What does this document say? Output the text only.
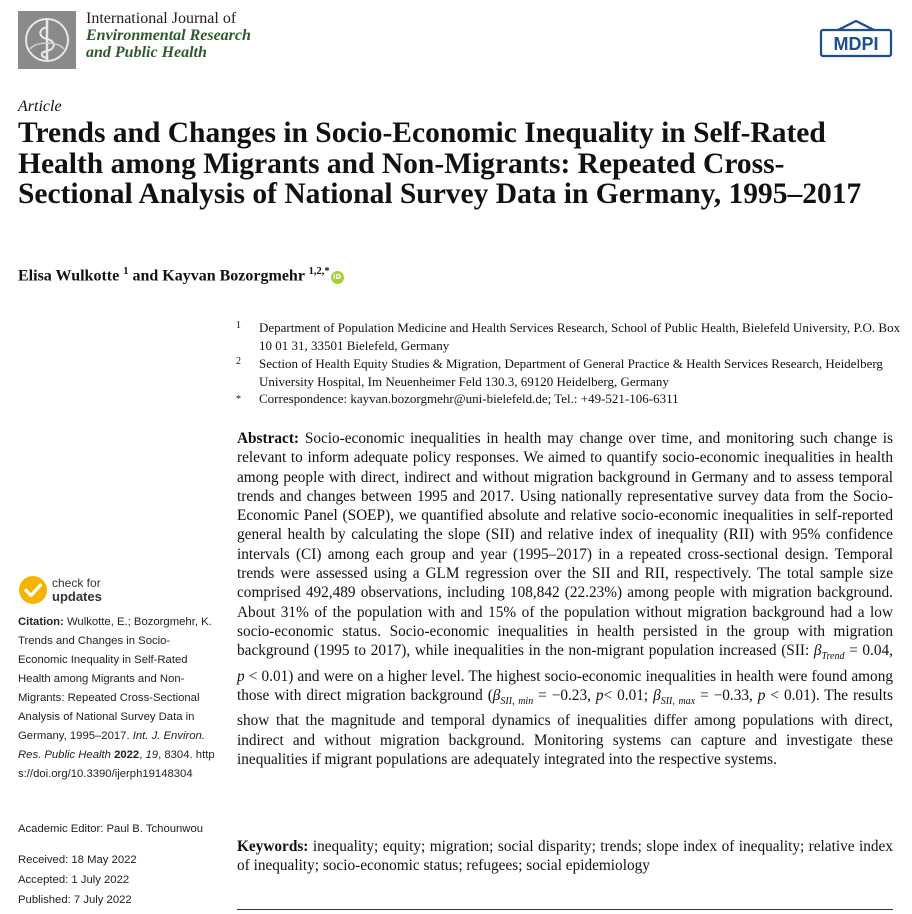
International Journal of
Environmental Research
and Public Health	MDPI
Article
Trends and Changes in Socio-Economic Inequality in Self-Rated Health among Migrants and Non-Migrants: Repeated Cross-Sectional Analysis of National Survey Data in Germany, 1995–2017
Elisa Wulkotte $^1$ and Kayvan Bozorgmehr $^{1,2,*}$iD
1 Department of Population Medicine and Health Services Research, School of Public Health, Bielefeld University, P.O. Box 10 01 31, 33501 Bielefeld, Germany
2 Section of Health Equity Studies & Migration, Department of General Practice & Health Services Research, Heidelberg University Hospital, Im Neuenheimer Feld 130.3, 69120 Heidelberg, Germany
* Correspondence: kayvan.bozorgmehr@uni-bielefeld.de; Tel.: +49-521-106-6311

Abstract: Socio-economic inequalities in health may change over time, and monitoring such change is relevant to inform adequate policy responses. We aimed to quantify socio-economic inequalities in health among people with direct, indirect and without migration background in Germany and to assess temporal trends and changes between 1995 and 2017. Using nationally representative survey data from the Socio-Economic Panel (SOEP), we quantified absolute and relative socio-economic inequalities in self-reported general health by calculating the slope (SII) and relative index of inequality (RII) with 95% confidence intervals (CI) among each group and year (1995–2017) in a repeated cross-sectional design. Temporal trends were assessed using a GLM regression over the SII and RII, respectively. The total sample size comprised 492,489 observations, including 108,842 (22.23%) among people with migration background. About 31% of the population with and 15% of the population without migration background had a low socio-economic status. Socio-economic inequalities in health persisted in the group with migration background (1995 to 2017), while inequalities in the non-migrant population increased (SII: $\beta_{Trend} = 0.04$, p < 0.01) and were on a higher level. The highest socio-economic inequalities in health were found among those with direct migration background ($\beta_{SII, min} = -0.23$, p< 0.01; $\beta_{SII, max} = -0.33$, p < 0.01). The results show that the magnitude and temporal dynamics of inequalities differ among populations with direct, indirect and without migration background. Monitoring systems can capture and investigate these inequalities if migrant populations are adequately integrated into the respective systems.

Keywords: inequality; equity; migration; social disparity; trends; slope index of inequality; relative index of inequality; socio-economic status; refugees; social epidemiology

check for
updates

Citation: Wulkotte, E.; Bozorgmehr, K. Trends and Changes in Socio-Economic Inequality in Self-Rated Health among Migrants and Non-Migrants: Repeated Cross-Sectional Analysis of National Survey Data in Germany, 1995–2017. Int. J. Environ. Res. Public Health 2022, 19, 8304. https://doi.org/10.3390/ijerph19148304

Academic Editor: Paul B. Tchounwou
Received: 18 May 2022
Accepted: 1 July 2022
Published: 7 July 2022
